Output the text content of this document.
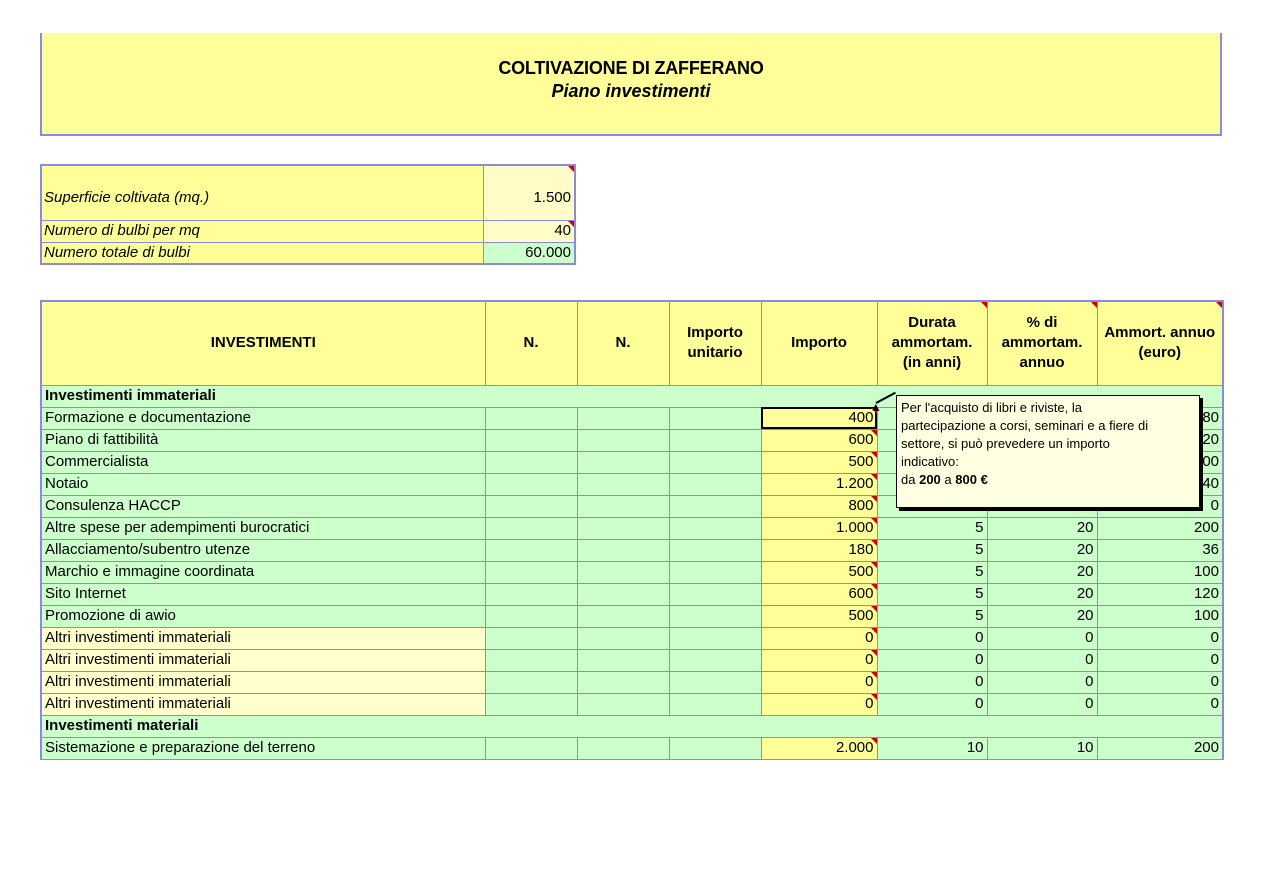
COLTIVAZIONE DI ZAFFERANO
Piano investimenti
Superficie coltivata (mq.)	1.500
Numero di bulbi per mq	40
Numero totale di bulbi	60.000
INVESTIMENTI	N.	N.	Importo unitario	Importo	Durata ammortam. (in anni)	% di ammortam. annuo	Ammort. annuo (euro)
Investimenti immateriali							
Formazione e documentazione				400			80
Piano di fattibilità				600			20
Commercialista				500			00
Notaio				1.200			40
Consulenza HACCP				800			0
Altre spese per adempimenti burocratici				1.000	5	20	200
Allacciamento/subentro utenze				180	5	20	36
Marchio e immagine coordinata				500	5	20	100
Sito Internet				600	5	20	120
Promozione di awio				500	5	20	100
Altri investimenti immateriali				0	0	0	0
Altri investimenti immateriali				0	0	0	0
Altri investimenti immateriali				0	0	0	0
Altri investimenti immateriali				0	0	0	0
Investimenti materiali							
Sistemazione e preparazione del terreno				2.000	10	10	200
Per l'acquisto di libri e riviste, la
partecipazione a corsi, seminari e a fiere di
settore, si può prevedere un importo
indicativo:
da 200 a 800 €
